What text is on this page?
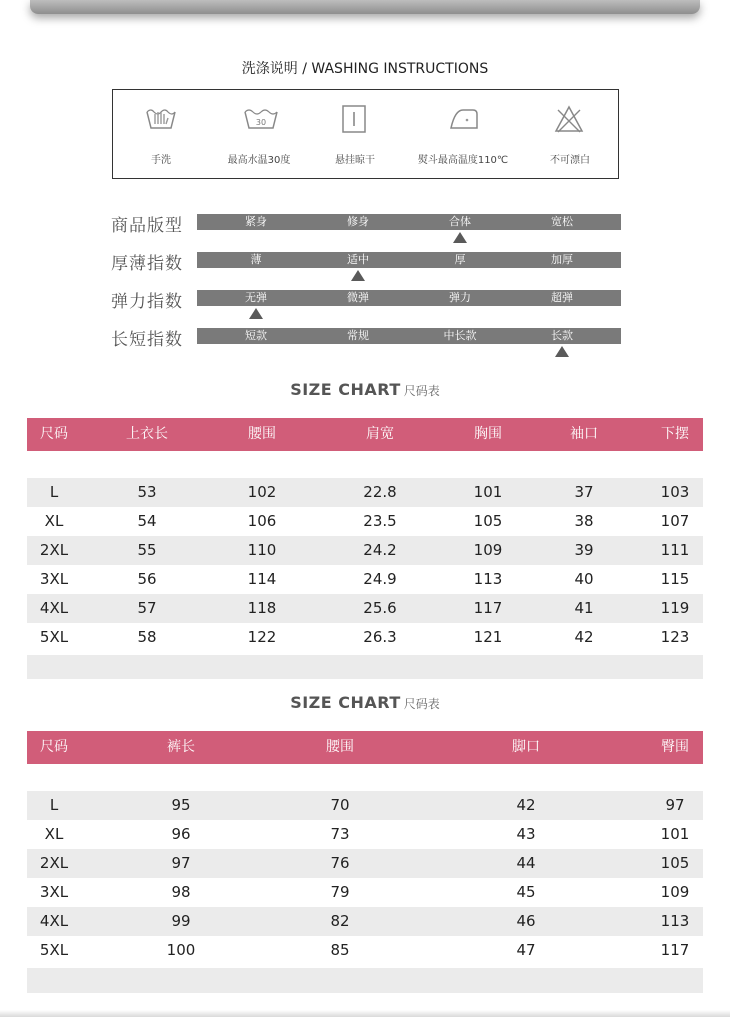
洗涤说明 / WASHING INSTRUCTIONS
手洗
30
最高水温30度	悬挂晾干	熨斗最高温度110℃	不可漂白
商品版型	紧身	修身	合体	宽松
厚薄指数	薄	适中	厚	加厚
弹力指数	无弹	微弹	弹力	超弹
长短指数	短款	常规	中长款	长款
SIZE CHART 尺码表
尺码	上衣长	腰围	肩宽	胸围	袖口	下摆
L	53	102	22.8	101	37	103
XL	54	106	23.5	105	38	107
2XL	55	110	24.2	109	39	111
3XL	56	114	24.9	113	40	115
4XL	57	118	25.6	117	41	119
5XL	58	122	26.3	121	42	123
SIZE CHART 尺码表
尺码	裤长	腰围	脚口	臀围
L	95	70	42	97
XL	96	73	43	101
2XL	97	76	44	105
3XL	98	79	45	109
4XL	99	82	46	113
5XL	100	85	47	117
